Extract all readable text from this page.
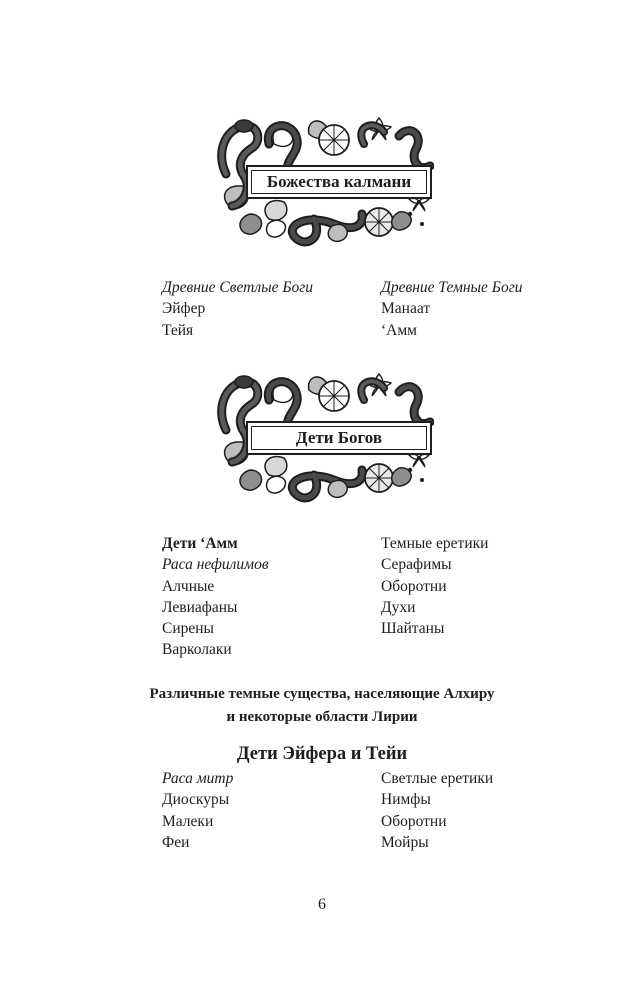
Божества калмани
Древние Светлые Боги
Эйфер
Тейя
Древние Темные Боги
Манаат
‘Амм
Дети Богов
Дети ‘Амм
Раса нефилимов
Алчные
Левиафаны
Сирены
Варколаки
Темные еретики
Серафимы
Оборотни
Духи
Шайтаны
Различные темные существа, населяющие Алхиру
и некоторые области Лирии
Дети Эйфера и Тейи
Раса митр
Диоскуры
Малеки
Феи
Светлые еретики
Нимфы
Оборотни
Мойры
6
